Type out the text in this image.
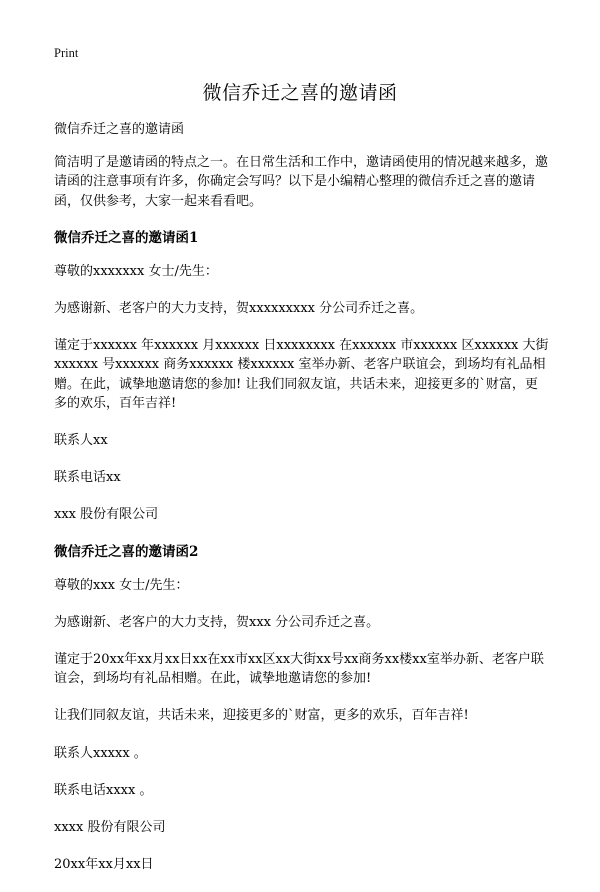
Print
微信乔迁之喜的邀请函

微信乔迁之喜的邀请函

简洁明了是邀请函的特点之一。在日常生活和工作中，邀请函使用的情况越来越多，邀请函的注意事项有许多，你确定会写吗？以下是小编精心整理的微信乔迁之喜的邀请函，仅供参考，大家一起来看看吧。

微信乔迁之喜的邀请函1

尊敬的xxxxxxx 女士/先生：

为感谢新、老客户的大力支持，贺xxxxxxxxx 分公司乔迁之喜。

谨定于xxxxxx 年xxxxxx 月xxxxxx 日xxxxxxxx 在xxxxxx 市xxxxxx 区xxxxxx 大街xxxxxx 号xxxxxx 商务xxxxxx 楼xxxxxx 室举办新、老客户联谊会，到场均有礼品相赠。在此，诚挚地邀请您的参加! 让我们同叙友谊，共话未来，迎接更多的`财富，更多的欢乐，百年吉祥!

联系人xx

联系电话xx

xxx 股份有限公司

微信乔迁之喜的邀请函2

尊敬的xxx 女士/先生：

为感谢新、老客户的大力支持，贺xxx 分公司乔迁之喜。

谨定于20xx年xx月xx日xx在xx市xx区xx大街xx号xx商务xx楼xx室举办新、老客户联谊会，到场均有礼品相赠。在此，诚挚地邀请您的参加!

让我们同叙友谊，共话未来，迎接更多的`财富，更多的欢乐，百年吉祥!

联系人xxxxx 。

联系电话xxxx 。

xxxx 股份有限公司

20xx年xx月xx日
